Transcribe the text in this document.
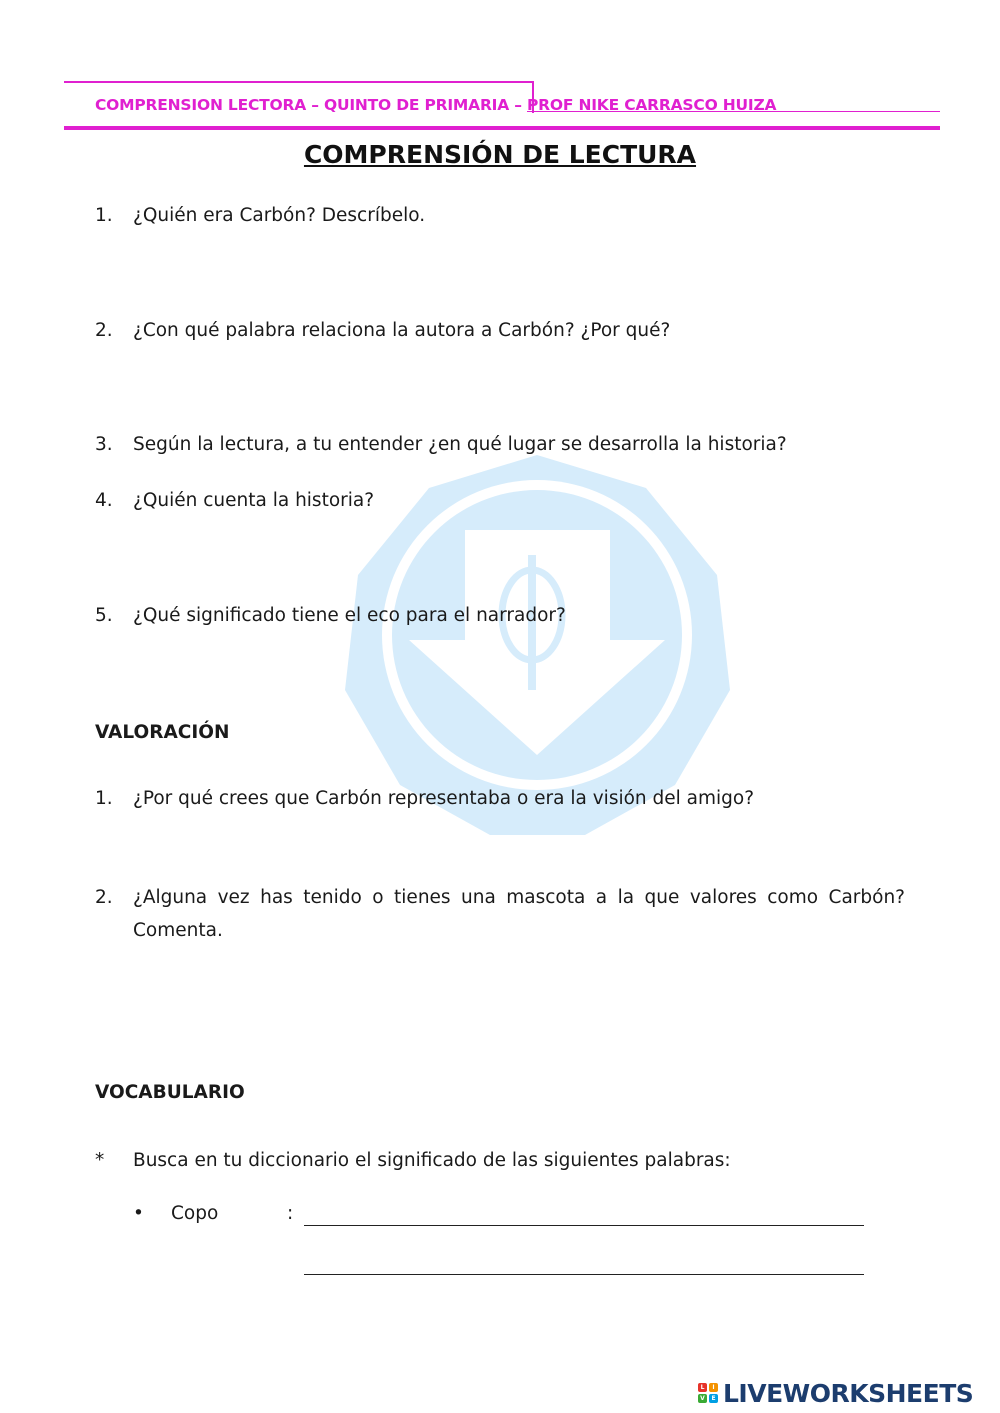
COMPRENSION LECTORA – QUINTO DE PRIMARIA – PROF NIKE CARRASCO HUIZA
COMPRENSIÓN DE LECTURA
1. ¿Quién era Carbón? Descríbelo.
2. ¿Con qué palabra relaciona la autora a Carbón? ¿Por qué?
3. Según la lectura, a tu entender ¿en qué lugar se desarrolla la historia?
4. ¿Quién cuenta la historia?
5. ¿Qué significado tiene el eco para el narrador?
VALORACIÓN
1. ¿Por qué crees que Carbón representaba o era la visión del amigo?
2. ¿Alguna vez has tenido o tienes una mascota a la que valores como Carbón? Comenta.
VOCABULARIO
* Busca en tu diccionario el significado de las siguientes palabras:
• Copo	:
L	I
V	E LIVEWORKSHEETS
